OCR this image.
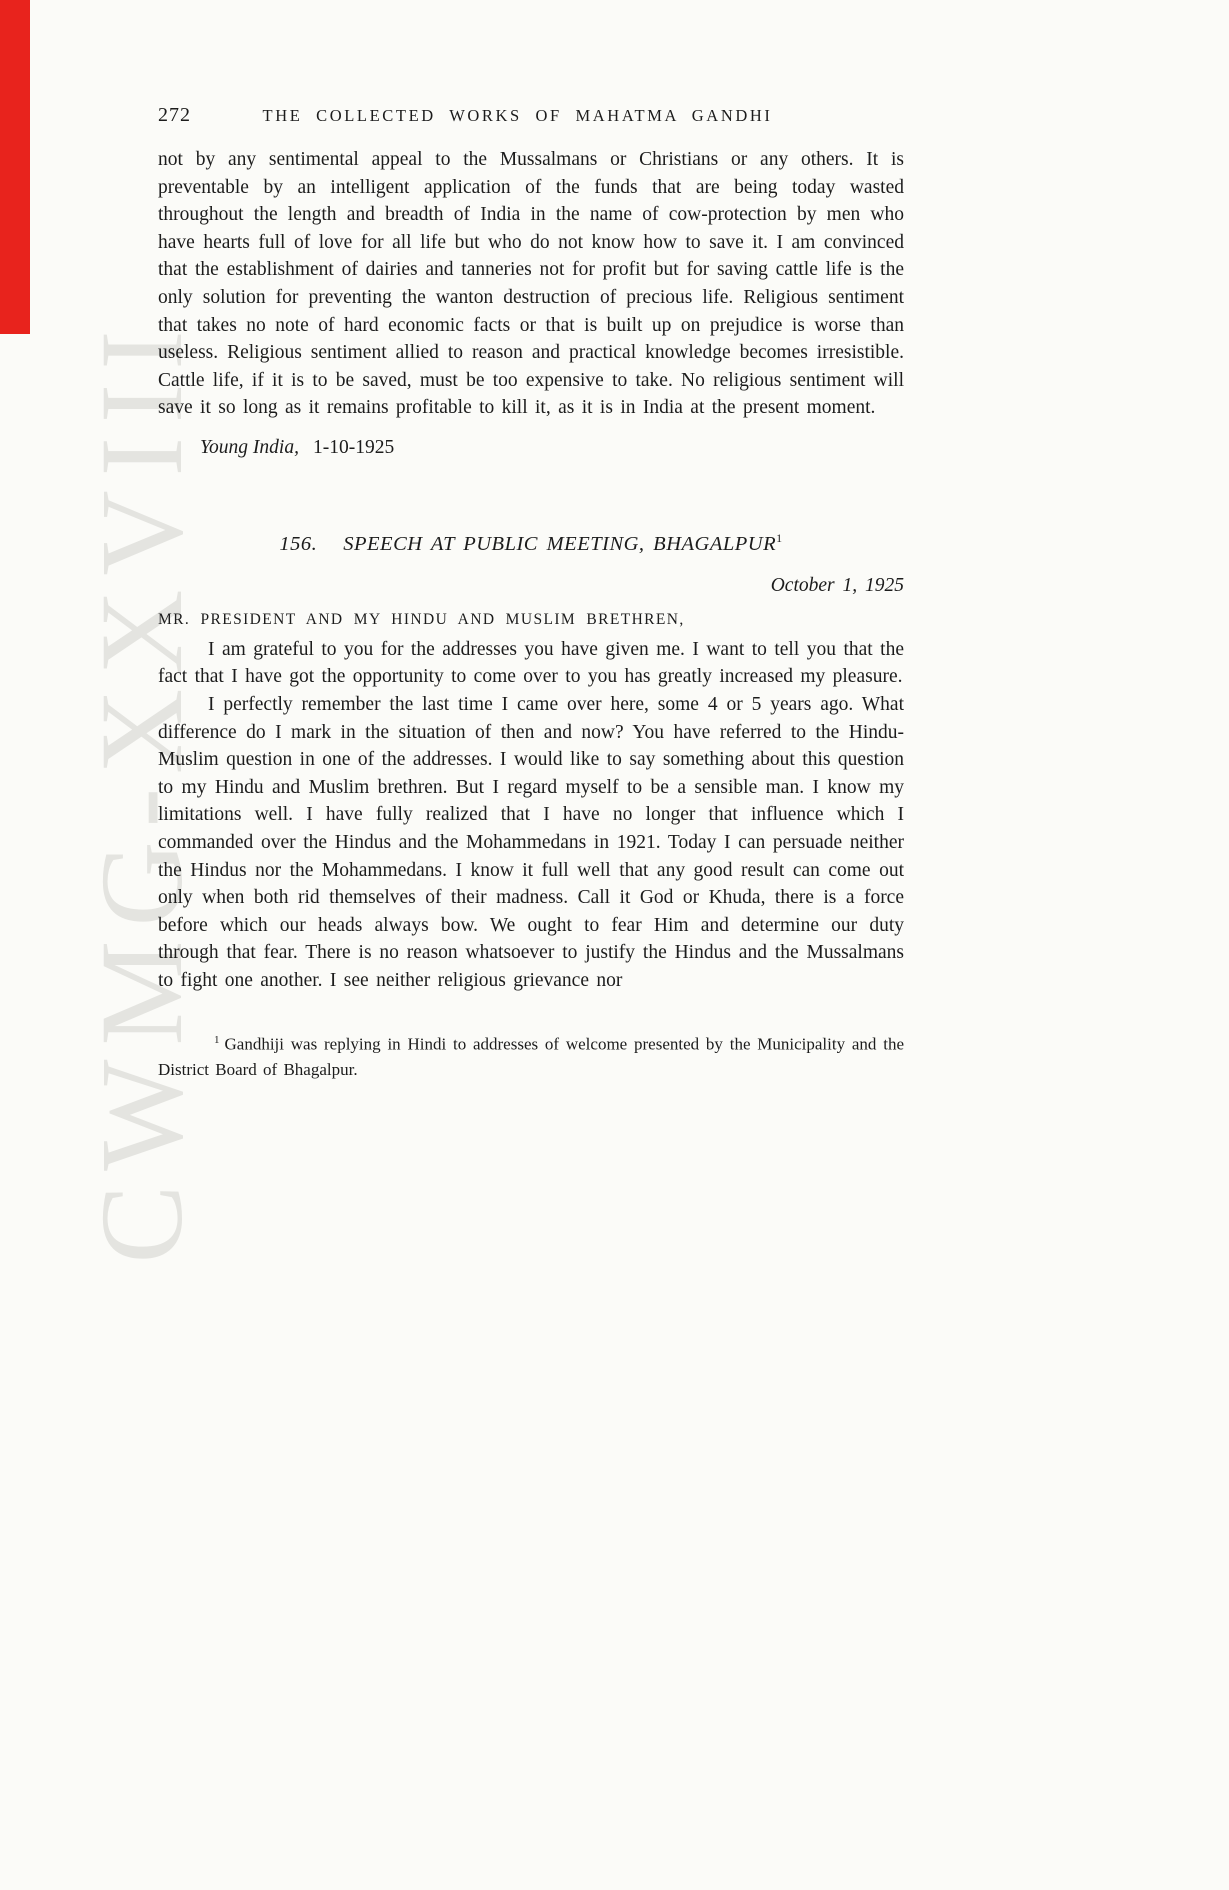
CWMG-XXVIII
272	THE COLLECTED WORKS OF MAHATMA GANDHI

not by any sentimental appeal to the Mussalmans or Christians or any others. It is preventable by an intelligent application of the funds that are being today wasted throughout the length and breadth of India in the name of cow-protection by men who have hearts full of love for all life but who do not know how to save it. I am convinced that the establishment of dairies and tanneries not for profit but for saving cattle life is the only solution for preventing the wanton destruction of precious life. Religious sentiment that takes no note of hard economic facts or that is built up on prejudice is worse than useless. Religious sentiment allied to reason and practical knowledge becomes irresistible. Cattle life, if it is to be saved, must be too expensive to take. No religious sentiment will save it so long as it remains profitable to kill it, as it is in India at the present moment.

Young India, 1-10-1925

156. SPEECH AT PUBLIC MEETING, BHAGALPUR$^1$

October 1, 1925

MR. PRESIDENT AND MY HINDU AND MUSLIM BRETHREN,

I am grateful to you for the addresses you have given me. I want to tell you that the fact that I have got the opportunity to come over to you has greatly increased my pleasure.

I perfectly remember the last time I came over here, some 4 or 5 years ago. What difference do I mark in the situation of then and now? You have referred to the Hindu-Muslim question in one of the addresses. I would like to say something about this question to my Hindu and Muslim brethren. But I regard myself to be a sensible man. I know my limitations well. I have fully realized that I have no longer that influence which I commanded over the Hindus and the Mohammedans in 1921. Today I can persuade neither the Hindus nor the Mohammedans. I know it full well that any good result can come out only when both rid themselves of their madness. Call it God or Khuda, there is a force before which our heads always bow. We ought to fear Him and determine our duty through that fear. There is no reason whatsoever to justify the Hindus and the Mussalmans to fight one another. I see neither religious grievance nor

$^1$ Gandhiji was replying in Hindi to addresses of welcome presented by the Municipality and the District Board of Bhagalpur.
